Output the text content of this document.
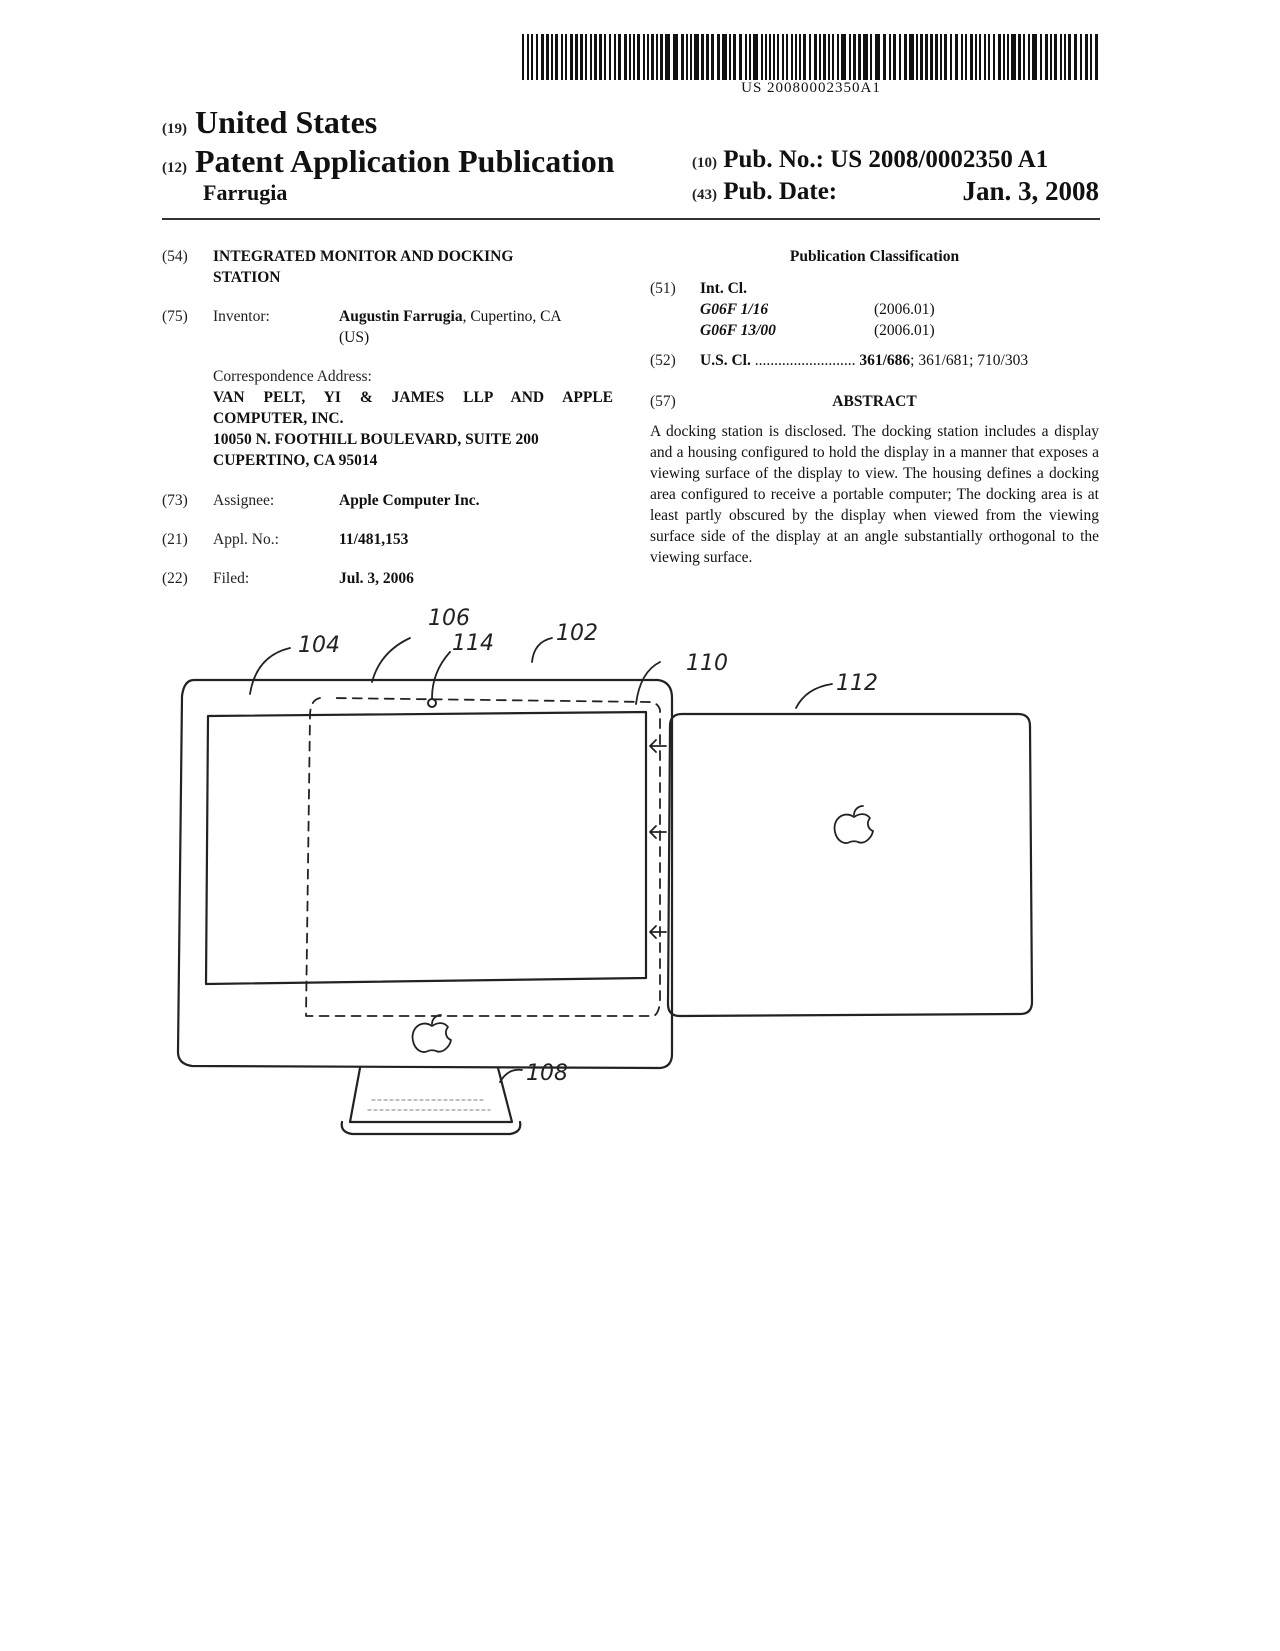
US 20080002350A1
(19) United States
(12) Patent Application Publication
Farrugia
(10) Pub. No.: US 2008/0002350 A1
(43) Pub. Date:	Jan. 3, 2008
(54) INTEGRATED MONITOR AND DOCKING
STATION
(75) Inventor:	Augustin Farrugia, Cupertino, CA
(US)
Correspondence Address:
VAN PELT, YI & JAMES LLP AND APPLE
COMPUTER, INC.
10050 N. FOOTHILL BOULEVARD, SUITE 200
CUPERTINO, CA 95014
(73) Assignee:	Apple Computer Inc.
(21) Appl. No.:	11/481,153
(22) Filed:	Jul. 3, 2006
Publication Classification
(51) Int. Cl.
G06F 1/16	(2006.01)
G06F 13/00	(2006.01)
(52) U.S. Cl. .......................... 361/686; 361/681; 710/303
(57)	ABSTRACT
A docking station is disclosed. The docking station includes a display and a housing configured to hold the display in a manner that exposes a viewing surface of the display to view. The housing defines a docking area configured to receive a portable computer; The docking area is at least partly obscured by the display when viewed from the viewing surface side of the display at an angle substantially orthogonal to the viewing surface.
106
104	114	102
110
112
108
